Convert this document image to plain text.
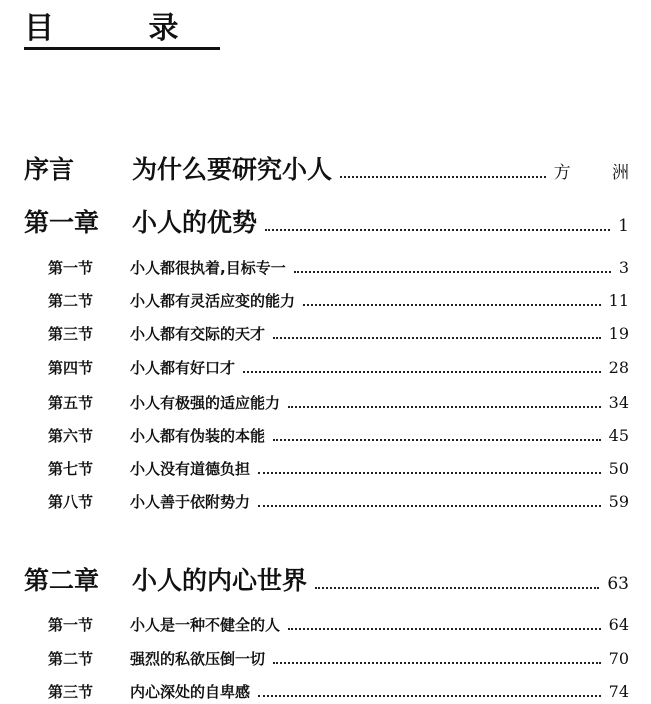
目 录
序言	为什么要研究小人	方 洲
第一章	小人的优势	1
第一节	小人都很执着,目标专一	3
第二节	小人都有灵活应变的能力	11
第三节	小人都有交际的天才	19
第四节	小人都有好口才	28
第五节	小人有极强的适应能力	34
第六节	小人都有伪装的本能	45
第七节	小人没有道德负担	50
第八节	小人善于依附势力	59
第二章	小人的内心世界	63
第一节	小人是一种不健全的人	64
第二节	强烈的私欲压倒一切	70
第三节	内心深处的自卑感	74
